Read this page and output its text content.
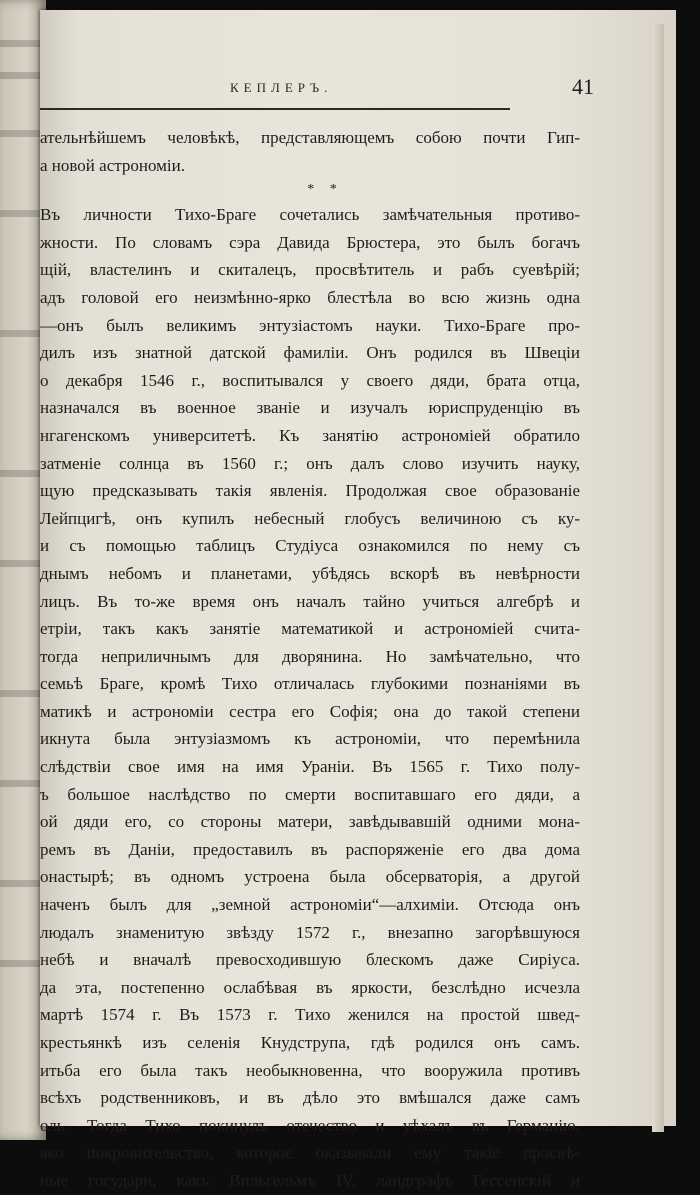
КЕПЛЕРЪ.	41
ательнѣйшемъ человѣкѣ, представляющемъ собою почти Гип-
а новой астрономіи.
* *
Въ личности Тихо-Браге сочетались замѣчательныя противо-
жности. По словамъ сэра Давида Брюстера, это былъ богачъ
щій, властелинъ и скиталецъ, просвѣтитель и рабъ суевѣрій;
адъ головой его неизмѣнно-ярко блестѣла во всю жизнь одна
—онъ былъ великимъ энтузіастомъ науки. Тихо-Браге про-
дилъ изъ знатной датской фамиліи. Онъ родился въ Швеціи
о декабря 1546 г., воспитывался у своего дяди, брата отца,
назначался въ военное званіе и изучалъ юриспруденцію въ
нгагенскомъ университетѣ. Къ занятію астрономіей обратило
затменіе солнца въ 1560 г.; онъ далъ слово изучить науку,
щую предсказывать такія явленія. Продолжая свое образованіе
Лейпцигѣ, онъ купилъ небесный глобусъ величиною съ ку-
и съ помощью таблицъ Студіуса ознакомился по нему съ
днымъ небомъ и планетами, убѣдясь вскорѣ въ невѣрности
лицъ. Въ то-же время онъ началъ тайно учиться алгебрѣ и
етріи, такъ какъ занятіе математикой и астрономіей счита-
тогда неприличнымъ для дворянина. Но замѣчательно, что
семьѣ Браге, кромѣ Тихо отличалась глубокими познаніями въ
матикѣ и астрономіи сестра его Софія; она до такой степени
икнута была энтузіазмомъ къ астрономіи, что перемѣнила
слѣдствіи свое имя на имя Ураніи. Въ 1565 г. Тихо полу-
ъ большое наслѣдство по смерти воспитавшаго его дяди, а
ой дяди его, со стороны матери, завѣдывавшій одними мона-
ремъ въ Даніи, предоставилъ въ распоряженіе его два дома
онастырѣ; въ одномъ устроена была обсерваторія, а другой
наченъ былъ для „земной астрономіи“—алхиміи. Отсюда онъ
людалъ знаменитую звѣзду 1572 г., внезапно загорѣвшуюся
небѣ и вначалѣ превосходившую блескомъ даже Сиріуса.
да эта, постепенно ослабѣвая въ яркости, безслѣдно исчезла
мартѣ 1574 г. Въ 1573 г. Тихо женился на простой швед-
крестьянкѣ изъ селенія Кнудструпа, гдѣ родился онъ самъ.
итьба его была такъ необыкновенна, что вооружила противъ
всѣхъ родственниковъ, и въ дѣло это вмѣшался даже самъ
оль. Тогда Тихо покинулъ отечество и уѣхалъ въ Германію.
ако покровительство, которое оказывали ему такіе просвѣ-
ные государи, какъ Вильгельмъ IV, ландграфъ Гессенскій и
